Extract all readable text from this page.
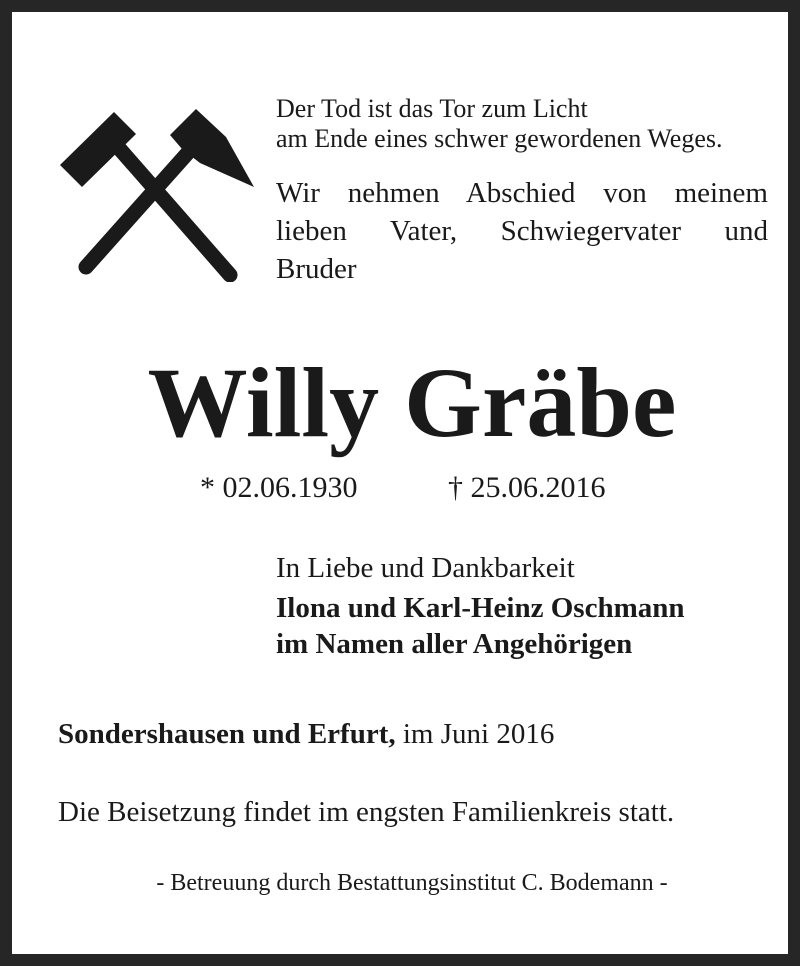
Der Tod ist das Tor zum Licht
am Ende eines schwer gewordenen Weges.

Wir nehmen Abschied von meinem
lieben Vater, Schwiegervater und
Bruder
Willy Gräbe
* 02.06.1930	† 25.06.2016

In Liebe und Dankbarkeit

Ilona und Karl-Heinz Oschmann
im Namen aller Angehörigen

Sondershausen und Erfurt, im Juni 2016
Die Beisetzung findet im engsten Familienkreis statt.
- Betreuung durch Bestattungsinstitut C. Bodemann -
